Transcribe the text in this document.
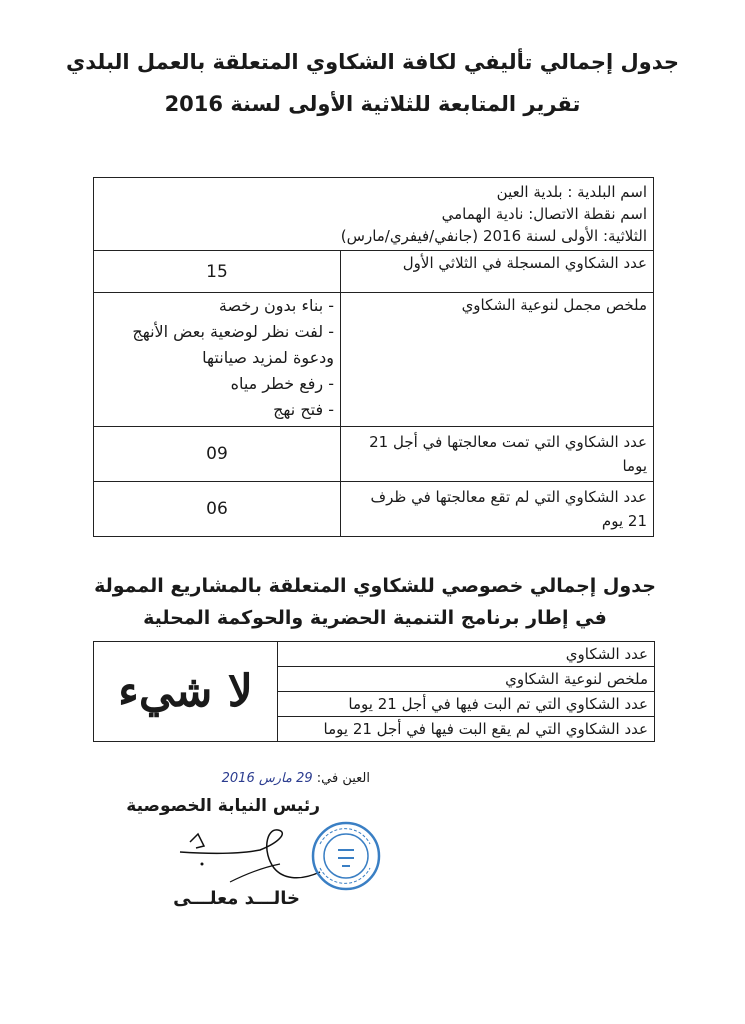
جدول إجمالي تأليفي لكافة الشكاوي المتعلقة بالعمل البلدي
تقرير المتابعة للثلاثية الأولى لسنة 2016
اسم البلدية : بلدية العين
اسم نقطة الاتصال: نادية الهمامي
الثلاثية: الأولى لسنة 2016 (جانفي/فيفري/مارس)	

عدد الشكاوي المسجلة في الثلاثي الأول	15
ملخص مجمل لنوعية الشكاوي	- بناء بدون رخصة
- لفت نظر لوضعية بعض الأنهج
ودعوة لمزيد صيانتها
- رفع خطر مياه
- فتح نهج

عدد الشكاوي التي تمت معالجتها في أجل 21 يوما	09
عدد الشكاوي التي لم تقع معالجتها في ظرف 21 يوم	06
جدول إجمالي خصوصي للشكاوي المتعلقة بالمشاريع الممولة في إطار برنامج التنمية الحضرية والحوكمة المحلية
عدد الشكاوي	لا شيء
ملخص لنوعية الشكاوي
عدد الشكاوي التي تم البت فيها في أجل 21 يوما
عدد الشكاوي التي لم يقع البت فيها في أجل 21 يوما
العين في: 29 مارس 2016
رئيس النيابة الخصوصية
خالـــد معلـــى
